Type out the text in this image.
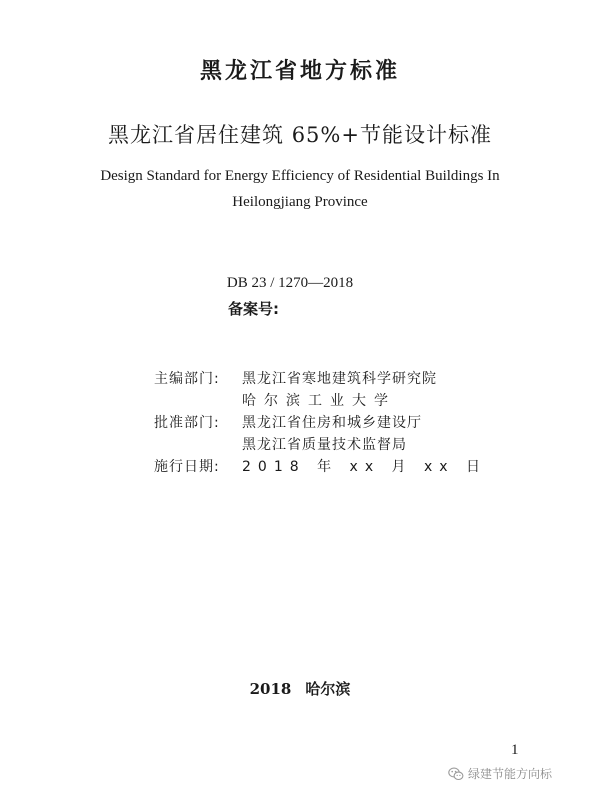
黑龙江省地方标准
黑龙江省居住建筑 65%+节能设计标准
Design Standard for Energy Efficiency of Residential Buildings In
Heilongjiang Province
DB 23 / 1270—2018
备案号:
主编部门:	黑龙江省寒地建筑科学研究院
哈尔滨工业大学
批准部门:	黑龙江省住房和城乡建设厅
黑龙江省质量技术监督局
施行日期:	2018 年 xx 月 xx 日
2018 哈尔滨
1
绿建节能方向标
